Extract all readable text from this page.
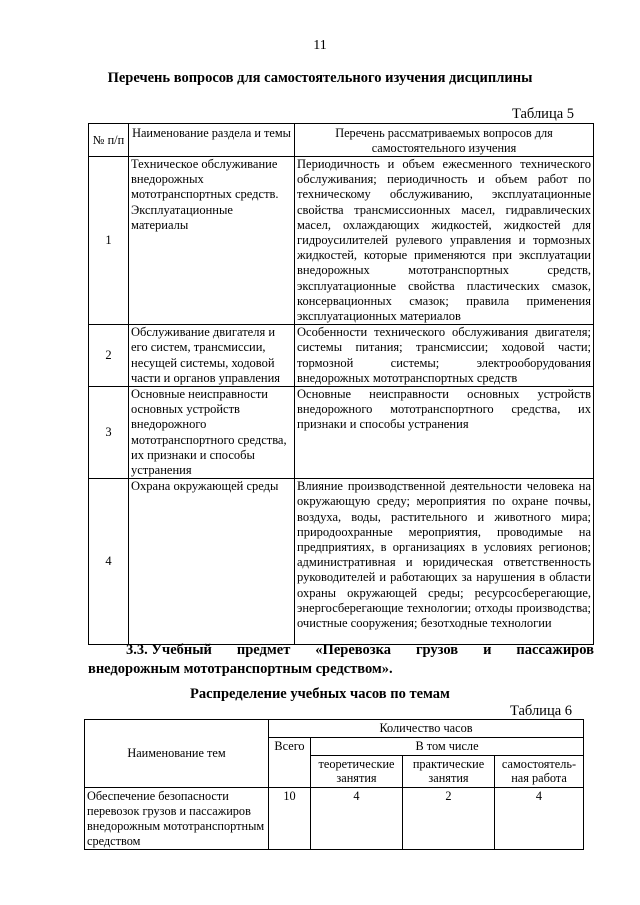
11
Перечень вопросов для самостоятельного изучения дисциплины
Таблица 5
№ п/п	Наименование раздела и темы	Перечень рассматриваемых вопросов для самостоятельного изучения
1	Техническое обслуживание внедорожных мототранспортных средств. Эксплуатационные материалы	Периодичность и объем ежесменного технического обслуживания; периодичность и объем работ по техническому обслуживанию, эксплуатационные свойства трансмиссионных масел, гидравлических масел, охлаждающих жидкостей, жидкостей для гидроусилителей рулевого управления и тормозных жидкостей, которые применяются при эксплуатации внедорожных мототранспортных средств, эксплуатационные свойства пластических смазок, консервационных смазок; правила применения эксплуатационных материалов
2	Обслуживание двигателя и его систем, трансмиссии, несущей системы, ходовой части и органов управления	Особенности технического обслуживания двигателя; системы питания; трансмиссии; ходовой части; тормозной системы; электрооборудования внедорожных мототранспортных средств
3	Основные неисправности основных устройств внедорожного мототранспортного средства, их признаки и способы устранения	Основные неисправности основных устройств внедорожного мототранспортного средства, их признаки и способы устранения
4	Охрана окружающей среды	Влияние производственной деятельности человека на окружающую среду; мероприятия по охране почвы, воздуха, воды, растительного и животного мира; природоохранные мероприятия, проводимые на предприятиях, в организациях в условиях регионов; административная и юридическая ответственность руководителей и работающих за нарушения в области охраны окружающей среды; ресурсосберегающие, энергосберегающие технологии; отходы производства; очистные сооружения; безотходные технологии
3.3. Учебный предмет «Перевозка грузов и пассажиров
внедорожным мототранспортным средством».
Распределение учебных часов по темам
Таблица 6
Наименование тем	Количество часов			
	Всего	В том числе		
		теоретические занятия	практические занятия	самостоятель-ная работа
Обеспечение безопасности перевозок грузов и пассажиров внедорожным мототранспортным средством	10	4	2	4
